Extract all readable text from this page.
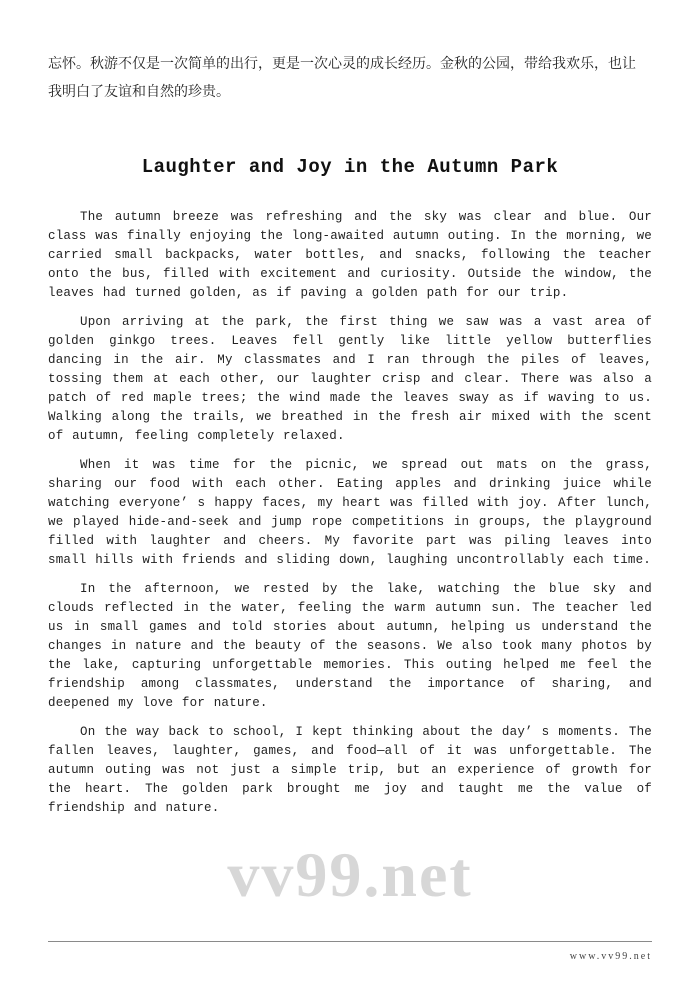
忘怀。秋游不仅是一次简单的出行，更是一次心灵的成长经历。金秋的公园，带给我欢乐，也让

我明白了友谊和自然的珍贵。

Laughter and Joy in the Autumn Park

The autumn breeze was refreshing and the sky was clear and blue. Our class was finally enjoying the long-awaited autumn outing. In the morning, we carried small backpacks, water bottles, and snacks, following the teacher onto the bus, filled with excitement and curiosity. Outside the window, the leaves had turned golden, as if paving a golden path for our trip.

Upon arriving at the park, the first thing we saw was a vast area of golden ginkgo trees. Leaves fell gently like little yellow butterflies dancing in the air. My classmates and I ran through the piles of leaves, tossing them at each other, our laughter crisp and clear. There was also a patch of red maple trees; the wind made the leaves sway as if waving to us. Walking along the trails, we breathed in the fresh air mixed with the scent of autumn, feeling completely relaxed.

When it was time for the picnic, we spread out mats on the grass, sharing our food with each other. Eating apples and drinking juice while watching everyone’ s happy faces, my heart was filled with joy. After lunch, we played hide-and-seek and jump rope competitions in groups, the playground filled with laughter and cheers. My favorite part was piling leaves into small hills with friends and sliding down, laughing uncontrollably each time.

In the afternoon, we rested by the lake, watching the blue sky and clouds reflected in the water, feeling the warm autumn sun. The teacher led us in small games and told stories about autumn, helping us understand the changes in nature and the beauty of the seasons. We also took many photos by the lake, capturing unforgettable memories. This outing helped me feel the friendship among classmates, understand the importance of sharing, and deepened my love for nature.

On the way back to school, I kept thinking about the day’ s moments. The fallen leaves, laughter, games, and food—all of it was unforgettable. The autumn outing was not just a simple trip, but an experience of growth for the heart. The golden park brought me joy and taught me the value of friendship and nature.

vv99.net
www.vv99.net
